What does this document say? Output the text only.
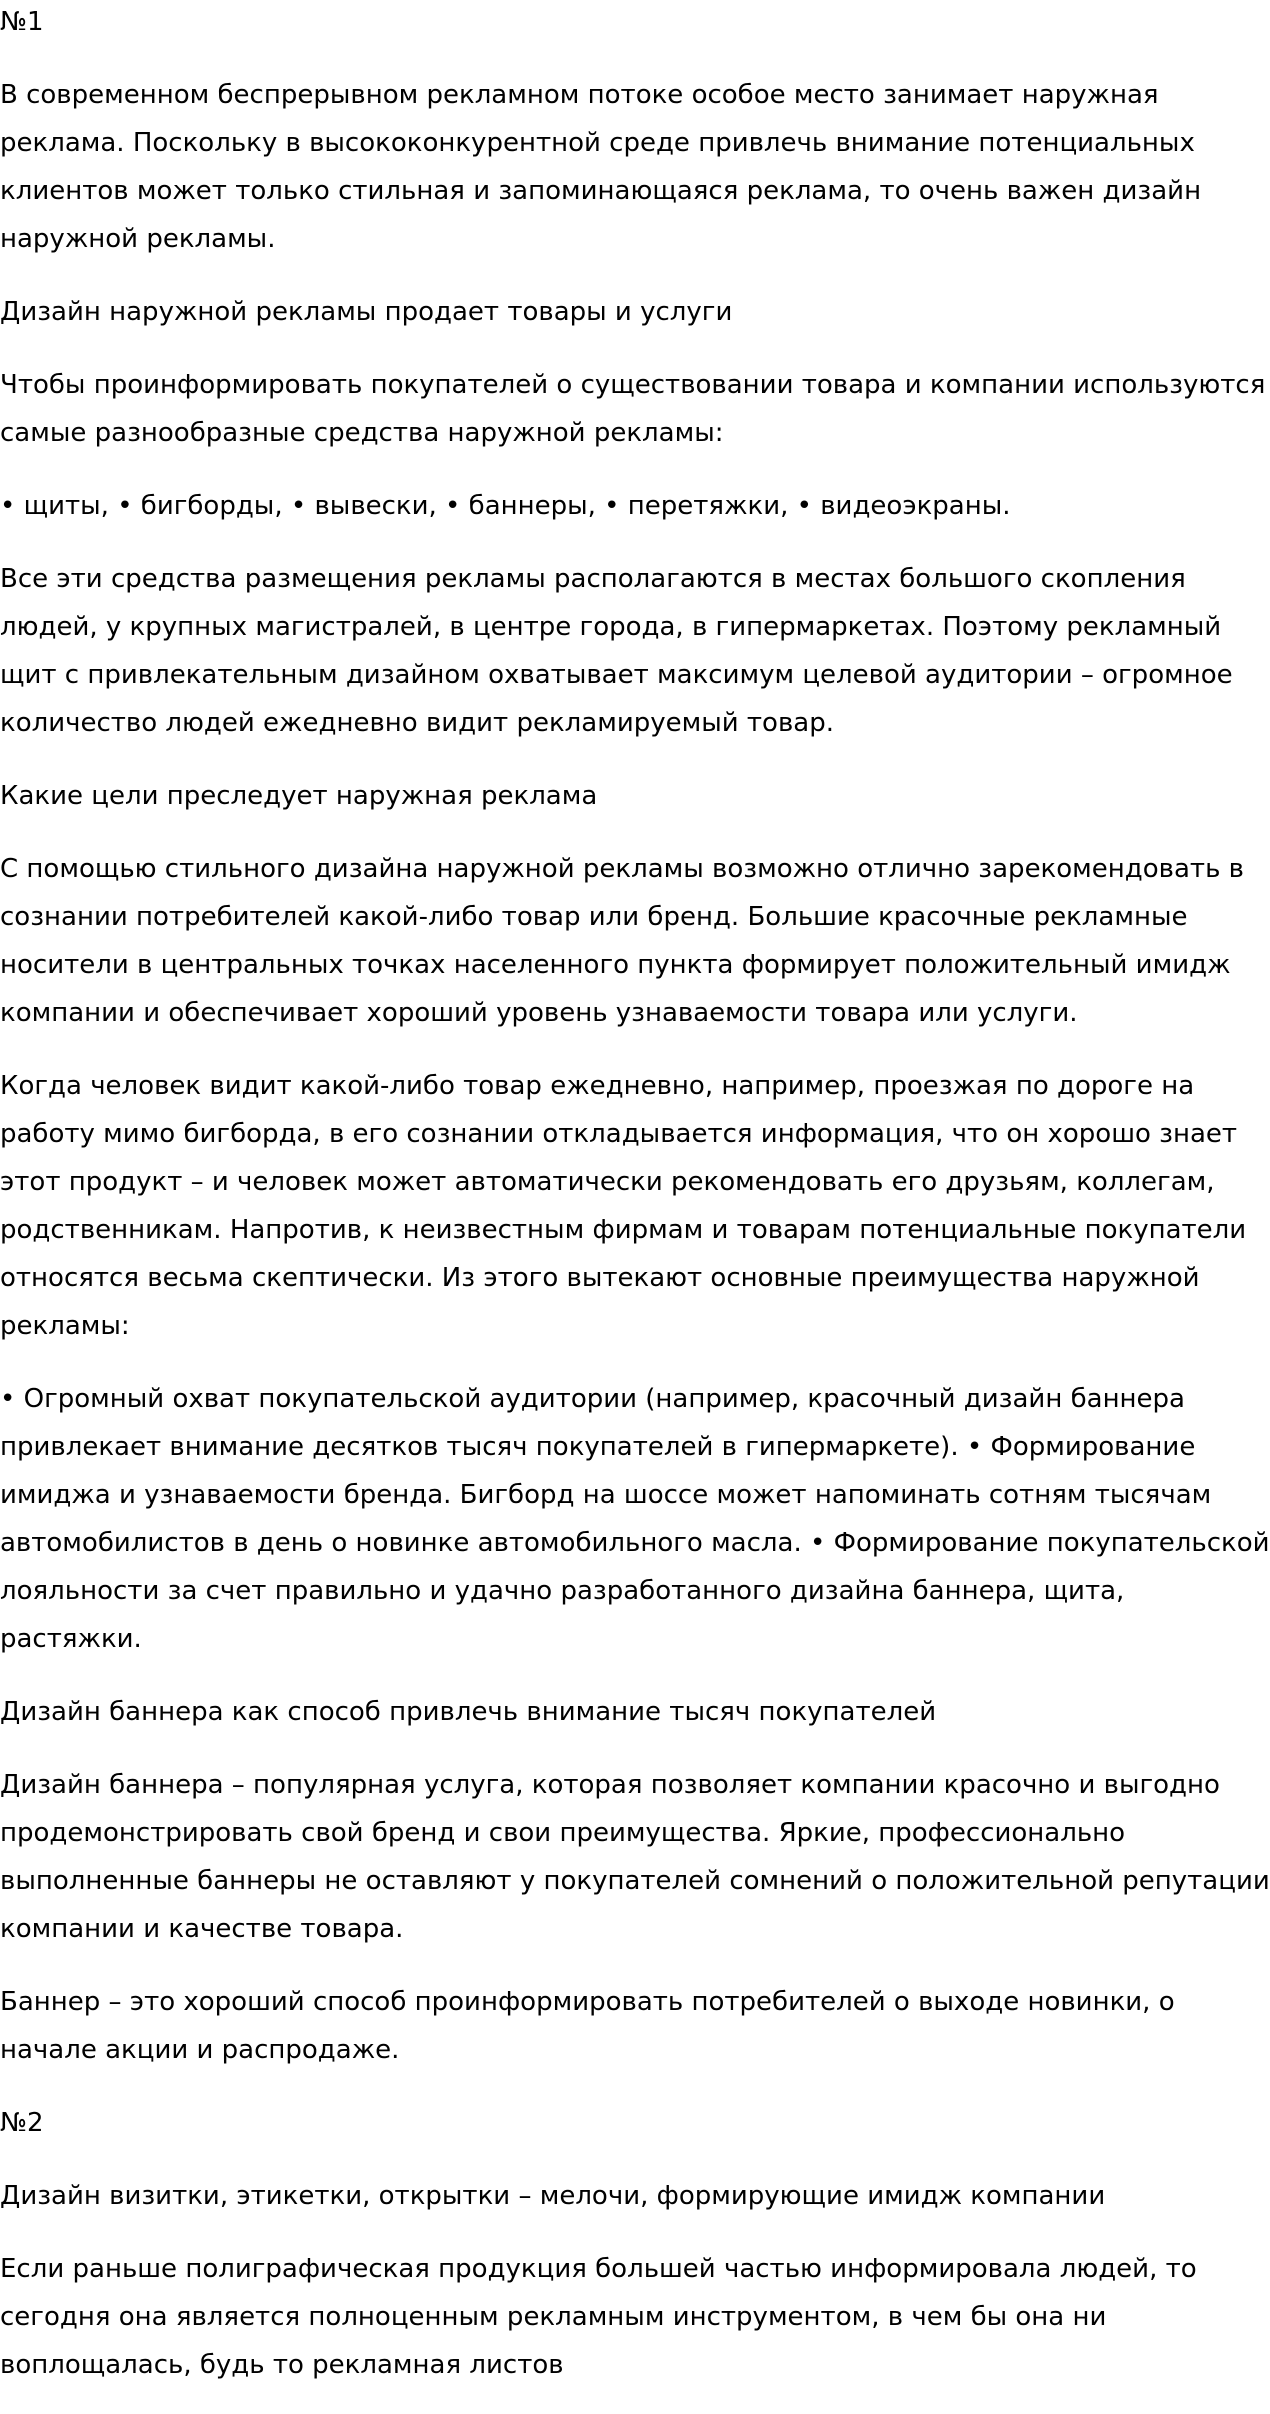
№1

В современном беспрерывном рекламном потоке особое место занимает наружная реклама. Поскольку в высококонкурентной среде привлечь внимание потенциальных клиентов может только стильная и запоминающаяся реклама, то очень важен дизайн наружной рекламы.

Дизайн наружной рекламы продает товары и услуги

Чтобы проинформировать покупателей о существовании товара и компании используются самые разнообразные средства наружной рекламы:

• щиты, • бигборды, • вывески, • баннеры, • перетяжки, • видеоэкраны.

Все эти средства размещения рекламы располагаются в местах большого скопления людей, у крупных магистралей, в центре города, в гипермаркетах. Поэтому рекламный щит с привлекательным дизайном охватывает максимум целевой аудитории – огромное количество людей ежедневно видит рекламируемый товар.

Какие цели преследует наружная реклама

С помощью стильного дизайна наружной рекламы возможно отлично зарекомендовать в сознании потребителей какой-либо товар или бренд. Большие красочные рекламные носители в центральных точках населенного пункта формирует положительный имидж компании и обеспечивает хороший уровень узнаваемости товара или услуги.

Когда человек видит какой-либо товар ежедневно, например, проезжая по дороге на работу мимо бигборда, в его сознании откладывается информация, что он хорошо знает этот продукт – и человек может автоматически рекомендовать его друзьям, коллегам, родственникам. Напротив, к неизвестным фирмам и товарам потенциальные покупатели относятся весьма скептически. Из этого вытекают основные преимущества наружной рекламы:

• Огромный охват покупательской аудитории (например, красочный дизайн баннера привлекает внимание десятков тысяч покупателей в гипермаркете). • Формирование имиджа и узнаваемости бренда. Бигборд на шоссе может напоминать сотням тысячам автомобилистов в день о новинке автомобильного масла. • Формирование покупательской лояльности за счет правильно и удачно разработанного дизайна баннера, щита, растяжки.

Дизайн баннера как способ привлечь внимание тысяч покупателей

Дизайн баннера – популярная услуга, которая позволяет компании красочно и выгодно продемонстрировать свой бренд и свои преимущества. Яркие, профессионально выполненные баннеры не оставляют у покупателей сомнений о положительной репутации компании и качестве товара.

Баннер – это хороший способ проинформировать потребителей о выходе новинки, о начале акции и распродаже.

№2

Дизайн визитки, этикетки, открытки – мелочи, формирующие имидж компании

Если раньше полиграфическая продукция большей частью информировала людей, то сегодня она является полноценным рекламным инструментом, в чем бы она ни воплощалась, будь то рекламная листов
